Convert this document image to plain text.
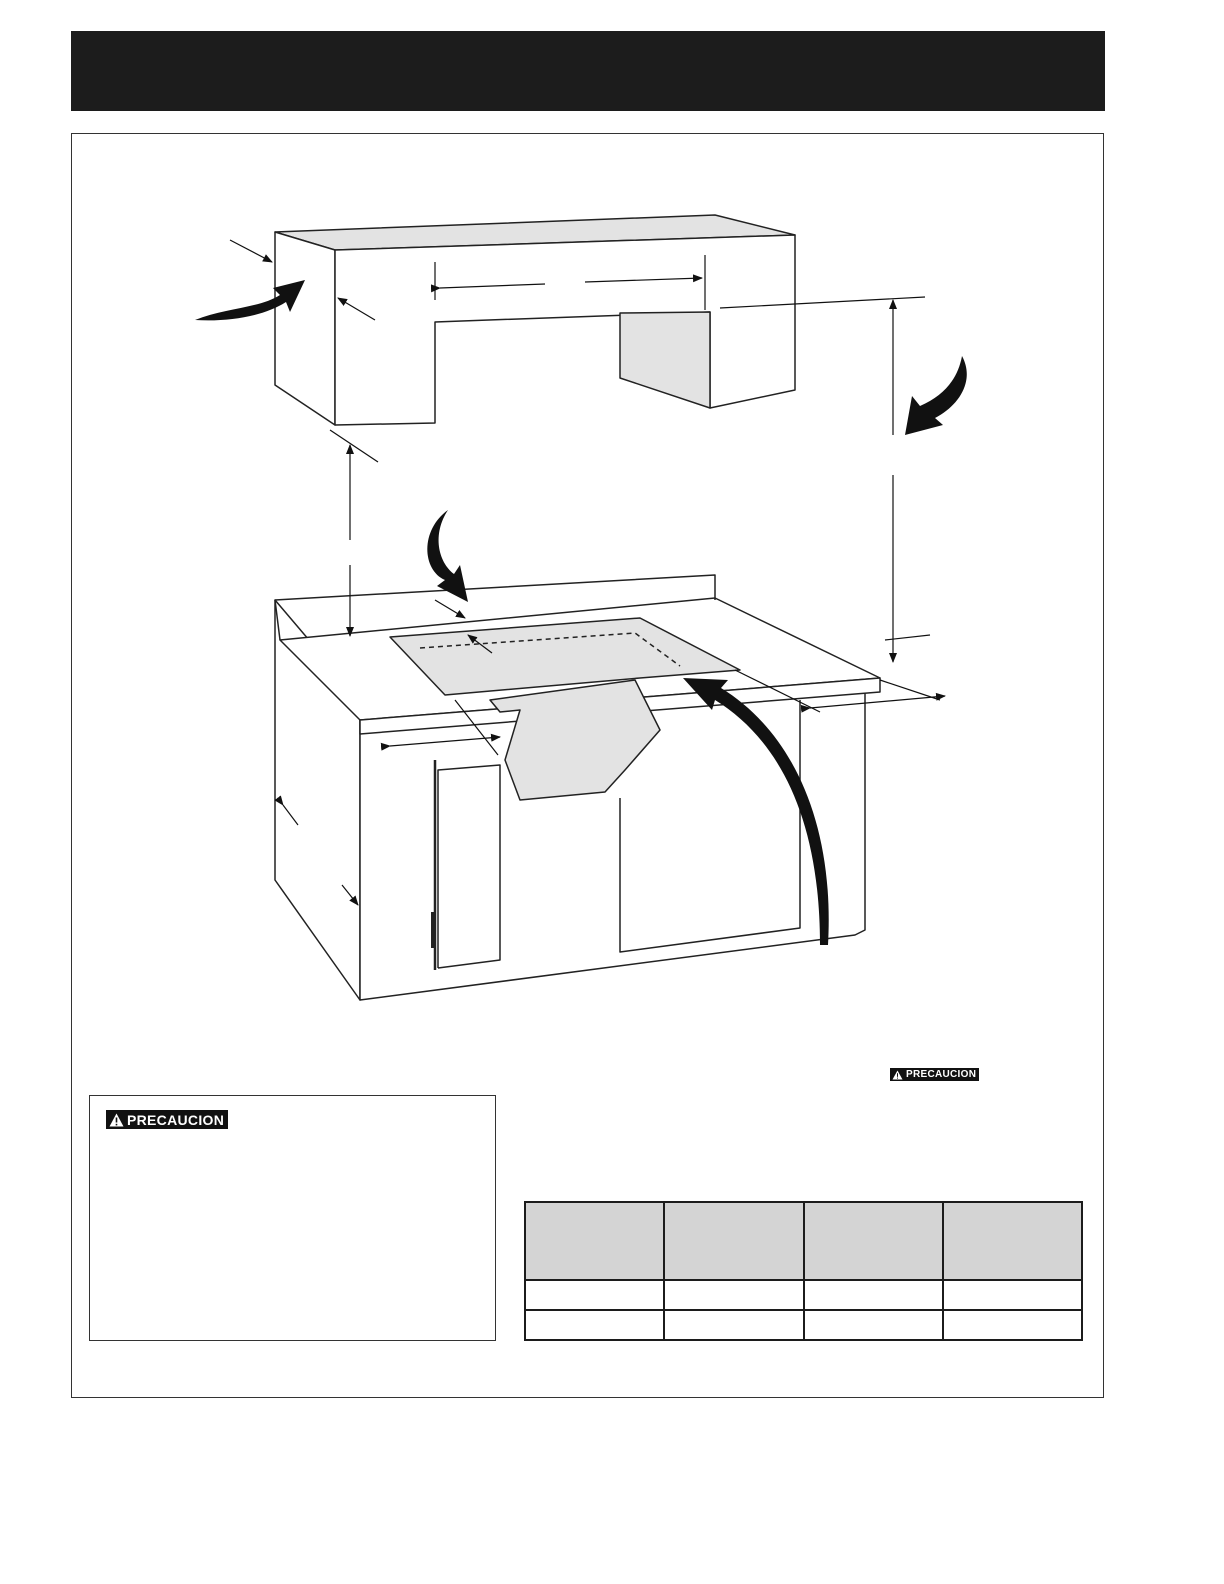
PRECAUCION
PRECAUCION
